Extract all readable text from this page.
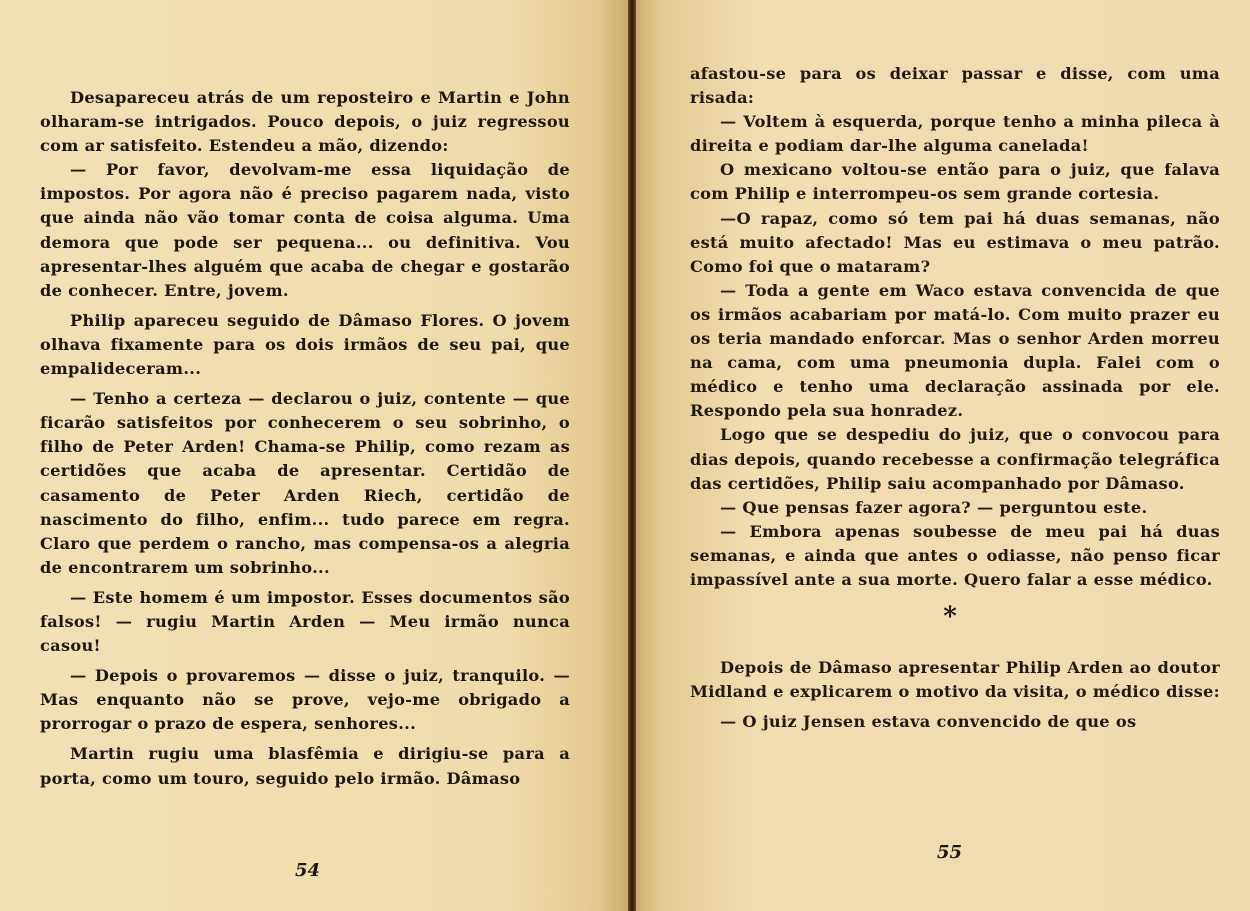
Desapareceu atrás de um reposteiro e Martin e John olharam-se intrigados. Pouco depois, o juiz regressou com ar satisfeito. Estendeu a mão, dizendo:

— Por favor, devolvam-me essa liquidação de impostos. Por agora não é preciso pagarem nada, visto que ainda não vão tomar conta de coisa alguma. Uma demora que pode ser pequena... ou definitiva. Vou apresentar-lhes alguém que acaba de chegar e gostarão de conhecer. Entre, jovem.

Philip apareceu seguido de Dâmaso Flores. O jovem olhava fixamente para os dois irmãos de seu pai, que empalideceram...

— Tenho a certeza — declarou o juiz, contente — que ficarão satisfeitos por conhecerem o seu sobrinho, o filho de Peter Arden! Chama-se Philip, como rezam as certidões que acaba de apresentar. Certidão de casamento de Peter Arden Riech, certidão de nascimento do filho, enfim... tudo parece em regra. Claro que perdem o rancho, mas compensa-os a alegria de encontrarem um sobrinho...

— Este homem é um impostor. Esses documentos são falsos! — rugiu Martin Arden — Meu irmão nunca casou!

— Depois o provaremos — disse o juiz, tranquilo. — Mas enquanto não se prove, vejo-me obrigado a prorrogar o prazo de espera, senhores...

Martin rugiu uma blasfêmia e dirigiu-se para a porta, como um touro, seguido pelo irmão. Dâmaso

54

afastou-se para os deixar passar e disse, com uma risada:

— Voltem à esquerda, porque tenho a minha pileca à direita e podiam dar-lhe alguma canelada!

O mexicano voltou-se então para o juiz, que falava com Philip e interrompeu-os sem grande cortesia.

—O rapaz, como só tem pai há duas semanas, não está muito afectado! Mas eu estimava o meu patrão. Como foi que o mataram?

— Toda a gente em Waco estava convencida de que os irmãos acabariam por matá-lo. Com muito prazer eu os teria mandado enforcar. Mas o senhor Arden morreu na cama, com uma pneumonia dupla. Falei com o médico e tenho uma declaração assinada por ele. Respondo pela sua honradez.

Logo que se despediu do juiz, que o convocou para dias depois, quando recebesse a confirmação telegráfica das certidões, Philip saiu acompanhado por Dâmaso.

— Que pensas fazer agora? — perguntou este.

— Embora apenas soubesse de meu pai há duas semanas, e ainda que antes o odiasse, não penso ficar impassível ante a sua morte. Quero falar a esse médico.

*

Depois de Dâmaso apresentar Philip Arden ao doutor Midland e explicarem o motivo da visita, o médico disse:

— O juiz Jensen estava convencido de que os

55
